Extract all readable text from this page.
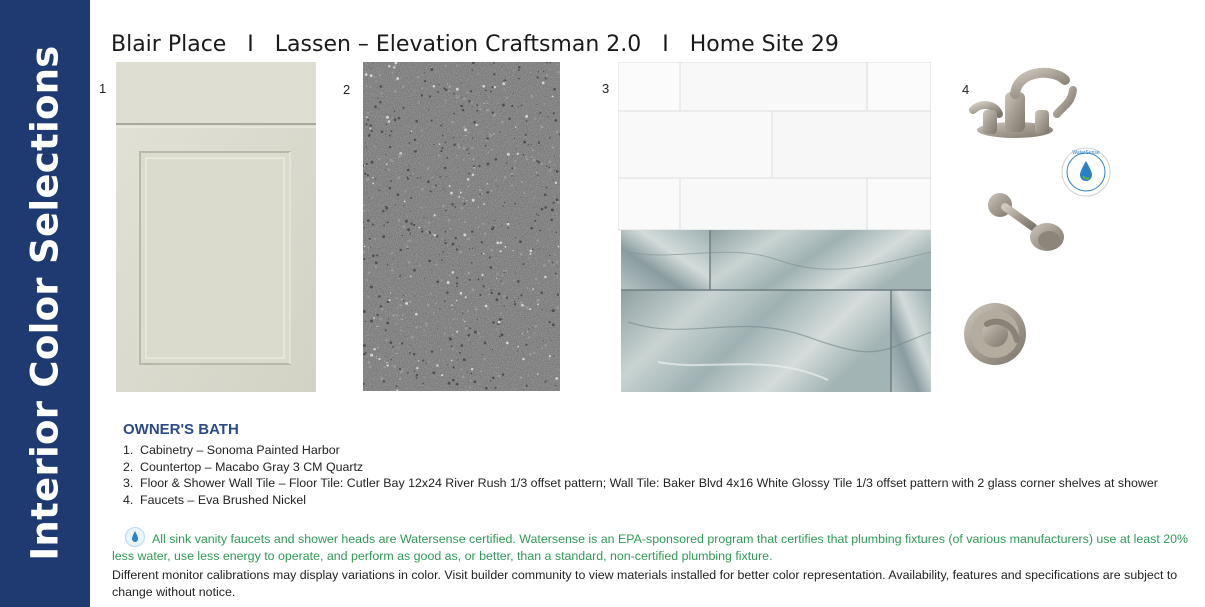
Interior Color Selections
Blair Place   I   Lassen – Elevation Craftsman 2.0   I   Home Site 29
1	2	3	4
WaterSense
OWNER'S BATH
1. Cabinetry – Sonoma Painted Harbor
2. Countertop – Macabo Gray 3 CM Quartz
3. Floor & Shower Wall Tile – Floor Tile: Cutler Bay 12x24 River Rush 1/3 offset pattern; Wall Tile: Baker Blvd 4x16 White Glossy Tile 1/3 offset pattern with 2 glass corner shelves at shower
4. Faucets – Eva Brushed Nickel
All sink vanity faucets and shower heads are Watersense certified. Watersense is an EPA-sponsored program that certifies that plumbing fixtures (of various manufacturers) use at least 20% less water, use less energy to operate, and perform as good as, or better, than a standard, non-certified plumbing fixture.
Different monitor calibrations may display variations in color. Visit builder community to view materials installed for better color representation. Availability, features and specifications are subject to change without notice.
